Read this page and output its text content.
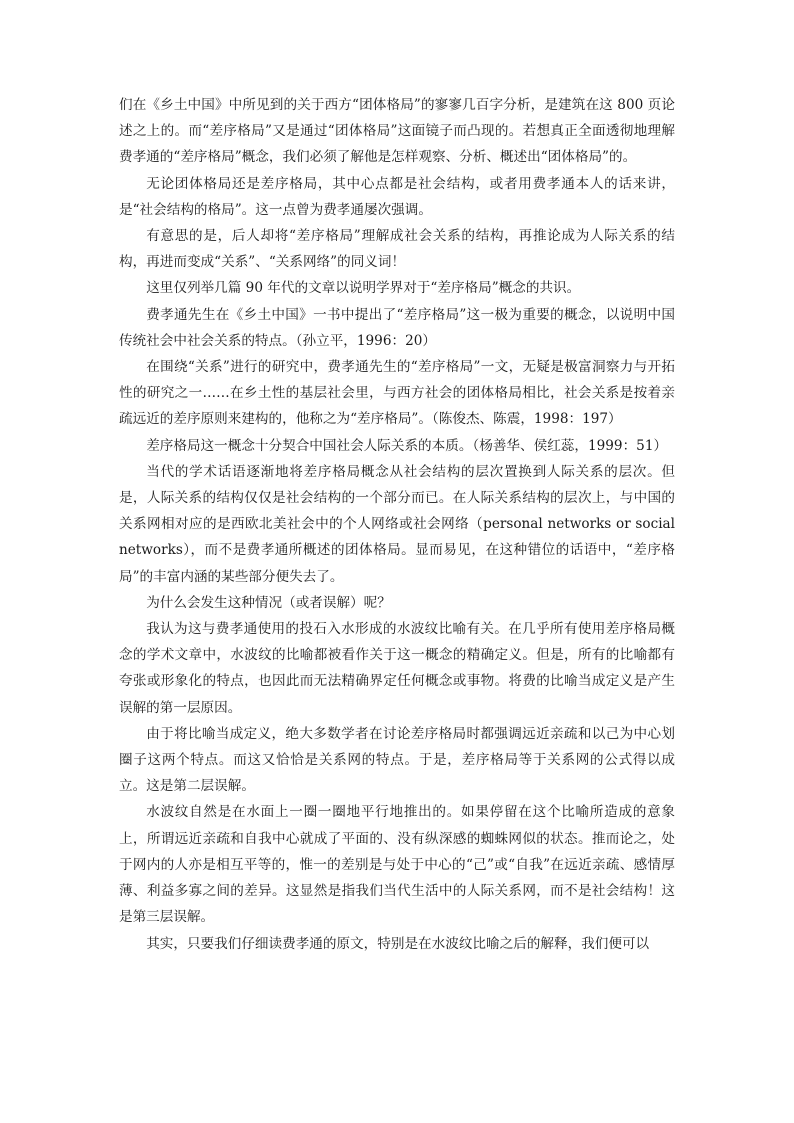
们在《乡土中国》中所见到的关于西方“团体格局”的寥寥几百字分析，是建筑在这 800 页论述之上的。而“差序格局”又是通过“团体格局”这面镜子而凸现的。若想真正全面透彻地理解费孝通的“差序格局”概念，我们必须了解他是怎样观察、分析、概述出“团体格局”的。

无论团体格局还是差序格局，其中心点都是社会结构，或者用费孝通本人的话来讲，是“社会结构的格局”。这一点曾为费孝通屡次强调。

有意思的是，后人却将“差序格局”理解成社会关系的结构，再推论成为人际关系的结构，再进而变成“关系”、“关系网络”的同义词！

这里仅列举几篇 90 年代的文章以说明学界对于“差序格局”概念的共识。

费孝通先生在《乡土中国》一书中提出了“差序格局”这一极为重要的概念，以说明中国传统社会中社会关系的特点。（孙立平，1996：20）

在围绕“关系”进行的研究中，费孝通先生的“差序格局”一文，无疑是极富洞察力与开拓性的研究之一……在乡土性的基层社会里，与西方社会的团体格局相比，社会关系是按着亲疏远近的差序原则来建构的，他称之为“差序格局”。（陈俊杰、陈震，1998：197）

差序格局这一概念十分契合中国社会人际关系的本质。（杨善华、侯红蕊，1999：51）

当代的学术话语逐渐地将差序格局概念从社会结构的层次置换到人际关系的层次。但是，人际关系的结构仅仅是社会结构的一个部分而已。在人际关系结构的层次上，与中国的关系网相对应的是西欧北美社会中的个人网络或社会网络（personal networks or social networks），而不是费孝通所概述的团体格局。显而易见，在这种错位的话语中，“差序格局”的丰富内涵的某些部分便失去了。

为什么会发生这种情况（或者误解）呢？

我认为这与费孝通使用的投石入水形成的水波纹比喻有关。在几乎所有使用差序格局概念的学术文章中，水波纹的比喻都被看作关于这一概念的精确定义。但是，所有的比喻都有夸张或形象化的特点，也因此而无法精确界定任何概念或事物。将费的比喻当成定义是产生误解的第一层原因。

由于将比喻当成定义，绝大多数学者在讨论差序格局时都强调远近亲疏和以己为中心划圈子这两个特点。而这又恰恰是关系网的特点。于是，差序格局等于关系网的公式得以成立。这是第二层误解。

水波纹自然是在水面上一圈一圈地平行地推出的。如果停留在这个比喻所造成的意象上，所谓远近亲疏和自我中心就成了平面的、没有纵深感的蜘蛛网似的状态。推而论之，处于网内的人亦是相互平等的，惟一的差别是与处于中心的“己”或“自我”在远近亲疏、感情厚薄、利益多寡之间的差异。这显然是指我们当代生活中的人际关系网，而不是社会结构！这是第三层误解。

其实，只要我们仔细读费孝通的原文，特别是在水波纹比喻之后的解释，我们便可以
